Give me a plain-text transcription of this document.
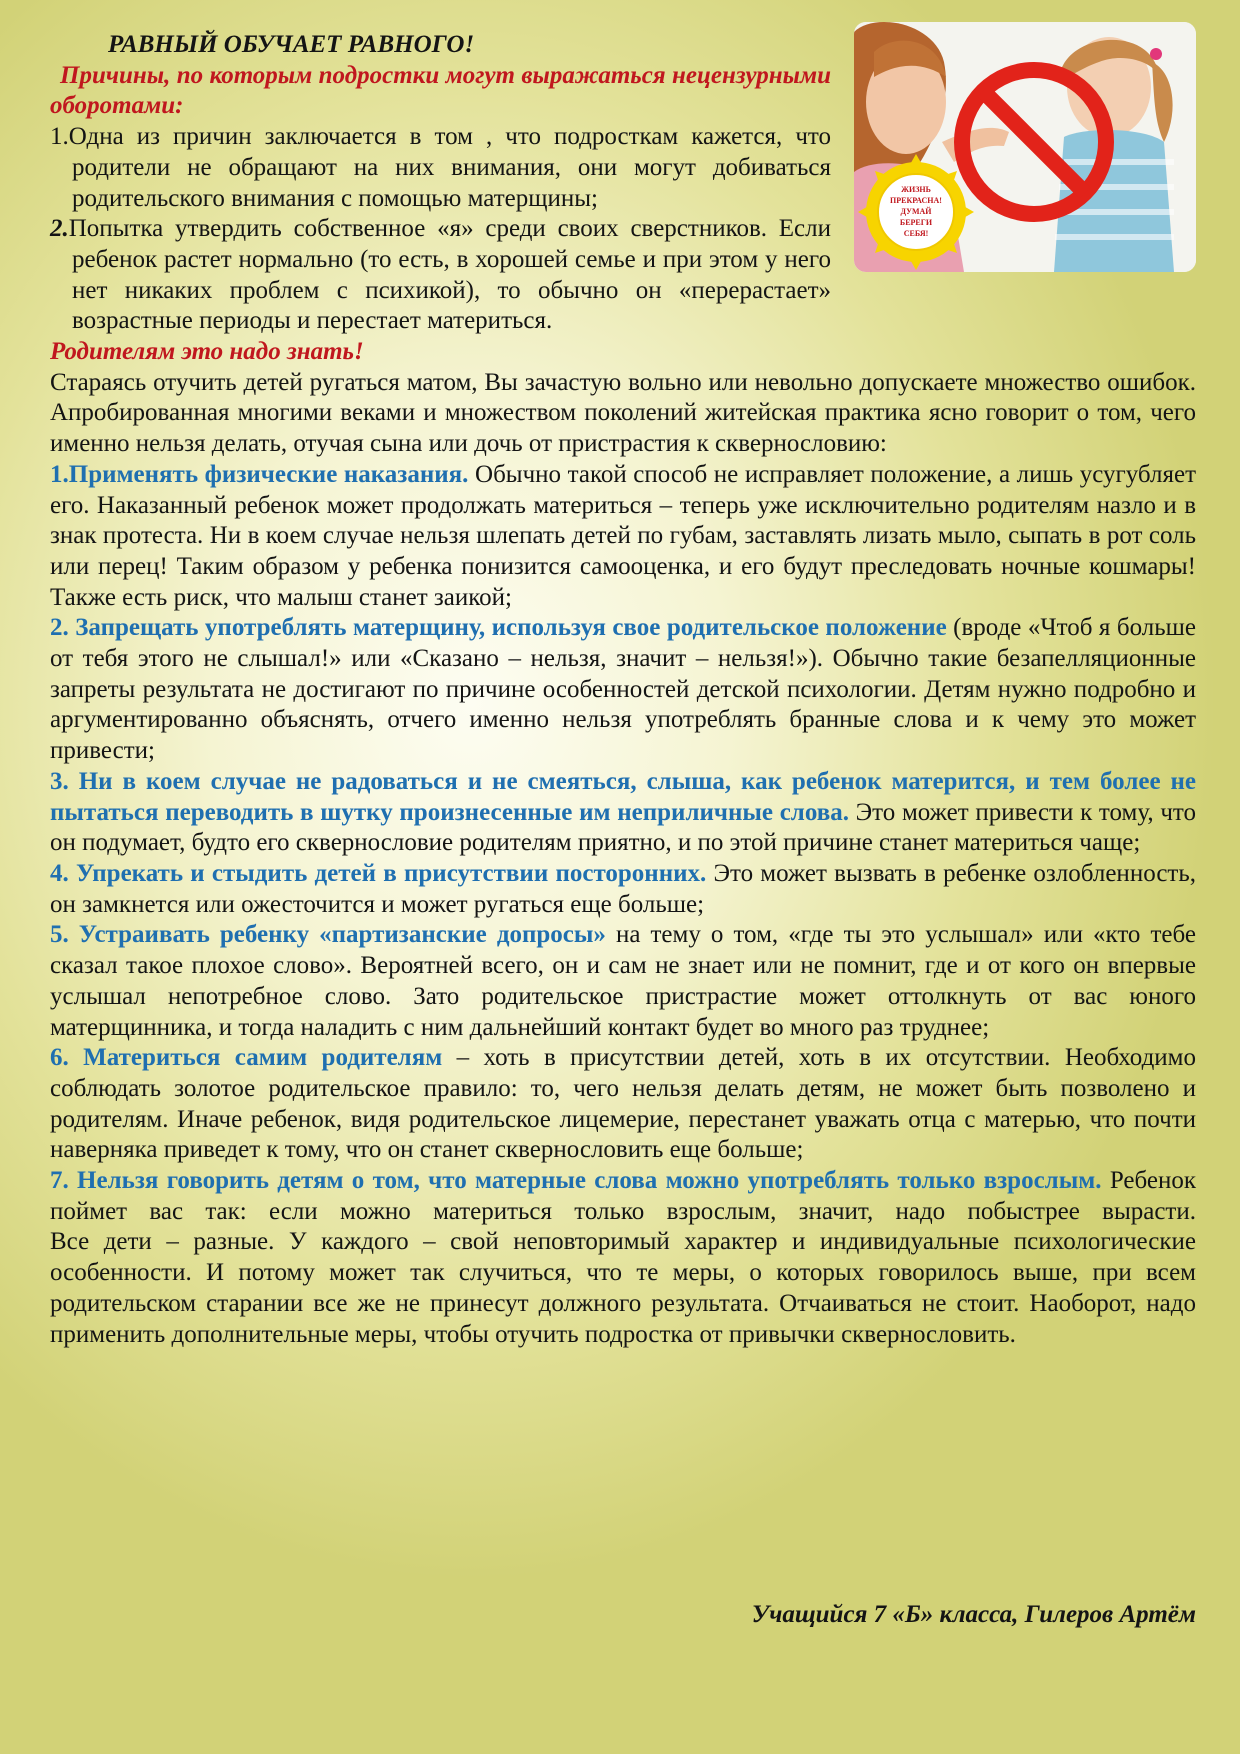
ЖИЗНЬ
ПРЕКРАСНА!
ДУМАЙ
БЕРЕГИ
СЕБЯ!

РАВНЫЙ ОБУЧАЕТ РАВНОГО!

Причины, по которым подростки могут выражаться нецензурными оборотами:

1.Одна из причин заключается в том , что подросткам кажется, что родители не обращают на них внимания, они могут добиваться родительского внимания с помощью матерщины;

2.Попытка утвердить собственное «я» среди своих сверстников. Если ребенок растет нормально (то есть, в хорошей семье и при этом у него нет никаких проблем с психикой), то обычно он «перерастает» возрастные периоды и перестает материться.

Родителям это надо знать!

Стараясь отучить детей ругаться матом, Вы зачастую вольно или невольно допускаете множество ошибок. Апробированная многими веками и множеством поколений житейская практика ясно говорит о том, чего именно нельзя делать, отучая сына или дочь от пристрастия к сквернословию:

1.Применять физические наказания. Обычно такой способ не исправляет положение, а лишь усугубляет его. Наказанный ребенок может продолжать материться – теперь уже исключительно родителям назло и в знак протеста. Ни в коем случае нельзя шлепать детей по губам, заставлять лизать мыло, сыпать в рот соль или перец! Таким образом у ребенка понизится самооценка, и его будут преследовать ночные кошмары! Также есть риск, что малыш станет заикой;

2. Запрещать употреблять матерщину, используя свое родительское положение (вроде «Чтоб я больше от тебя этого не слышал!» или «Сказано – нельзя, значит – нельзя!»). Обычно такие безапелляционные запреты результата не достигают по причине особенностей детской психологии. Детям нужно подробно и аргументированно объяснять, отчего именно нельзя употреблять бранные слова и к чему это может привести;

3. Ни в коем случае не радоваться и не смеяться, слыша, как ребенок матерится, и тем более не пытаться переводить в шутку произнесенные им неприличные слова. Это может привести к тому, что он подумает, будто его сквернословие родителям приятно, и по этой причине станет материться чаще;

4. Упрекать и стыдить детей в присутствии посторонних. Это может вызвать в ребенке озлобленность, он замкнется или ожесточится и может ругаться еще больше;

5. Устраивать ребенку «партизанские допросы» на тему о том, «где ты это услышал» или «кто тебе сказал такое плохое слово». Вероятней всего, он и сам не знает или не помнит, где и от кого он впервые услышал непотребное слово. Зато родительское пристрастие может оттолкнуть от вас юного матерщинника, и тогда наладить с ним дальнейший контакт будет во много раз труднее;

6. Материться самим родителям – хоть в присутствии детей, хоть в их отсутствии. Необходимо соблюдать золотое родительское правило: то, чего нельзя делать детям, не может быть позволено и родителям. Иначе ребенок, видя родительское лицемерие, перестанет уважать отца с матерью, что почти наверняка приведет к тому, что он станет сквернословить еще больше;

7. Нельзя говорить детям о том, что матерные слова можно употреблять только взрослым. Ребенок поймет вас так: если можно материться только взрослым, значит, надо побыстрее вырасти.

Все дети – разные. У каждого – свой неповторимый характер и индивидуальные психологические особенности. И потому может так случиться, что те меры, о которых говорилось выше, при всем родительском старании все же не принесут должного результата. Отчаиваться не стоит. Наоборот, надо применить дополнительные меры, чтобы отучить подростка от привычки сквернословить.

Учащийся 7 «Б» класса, Гилеров Артём
